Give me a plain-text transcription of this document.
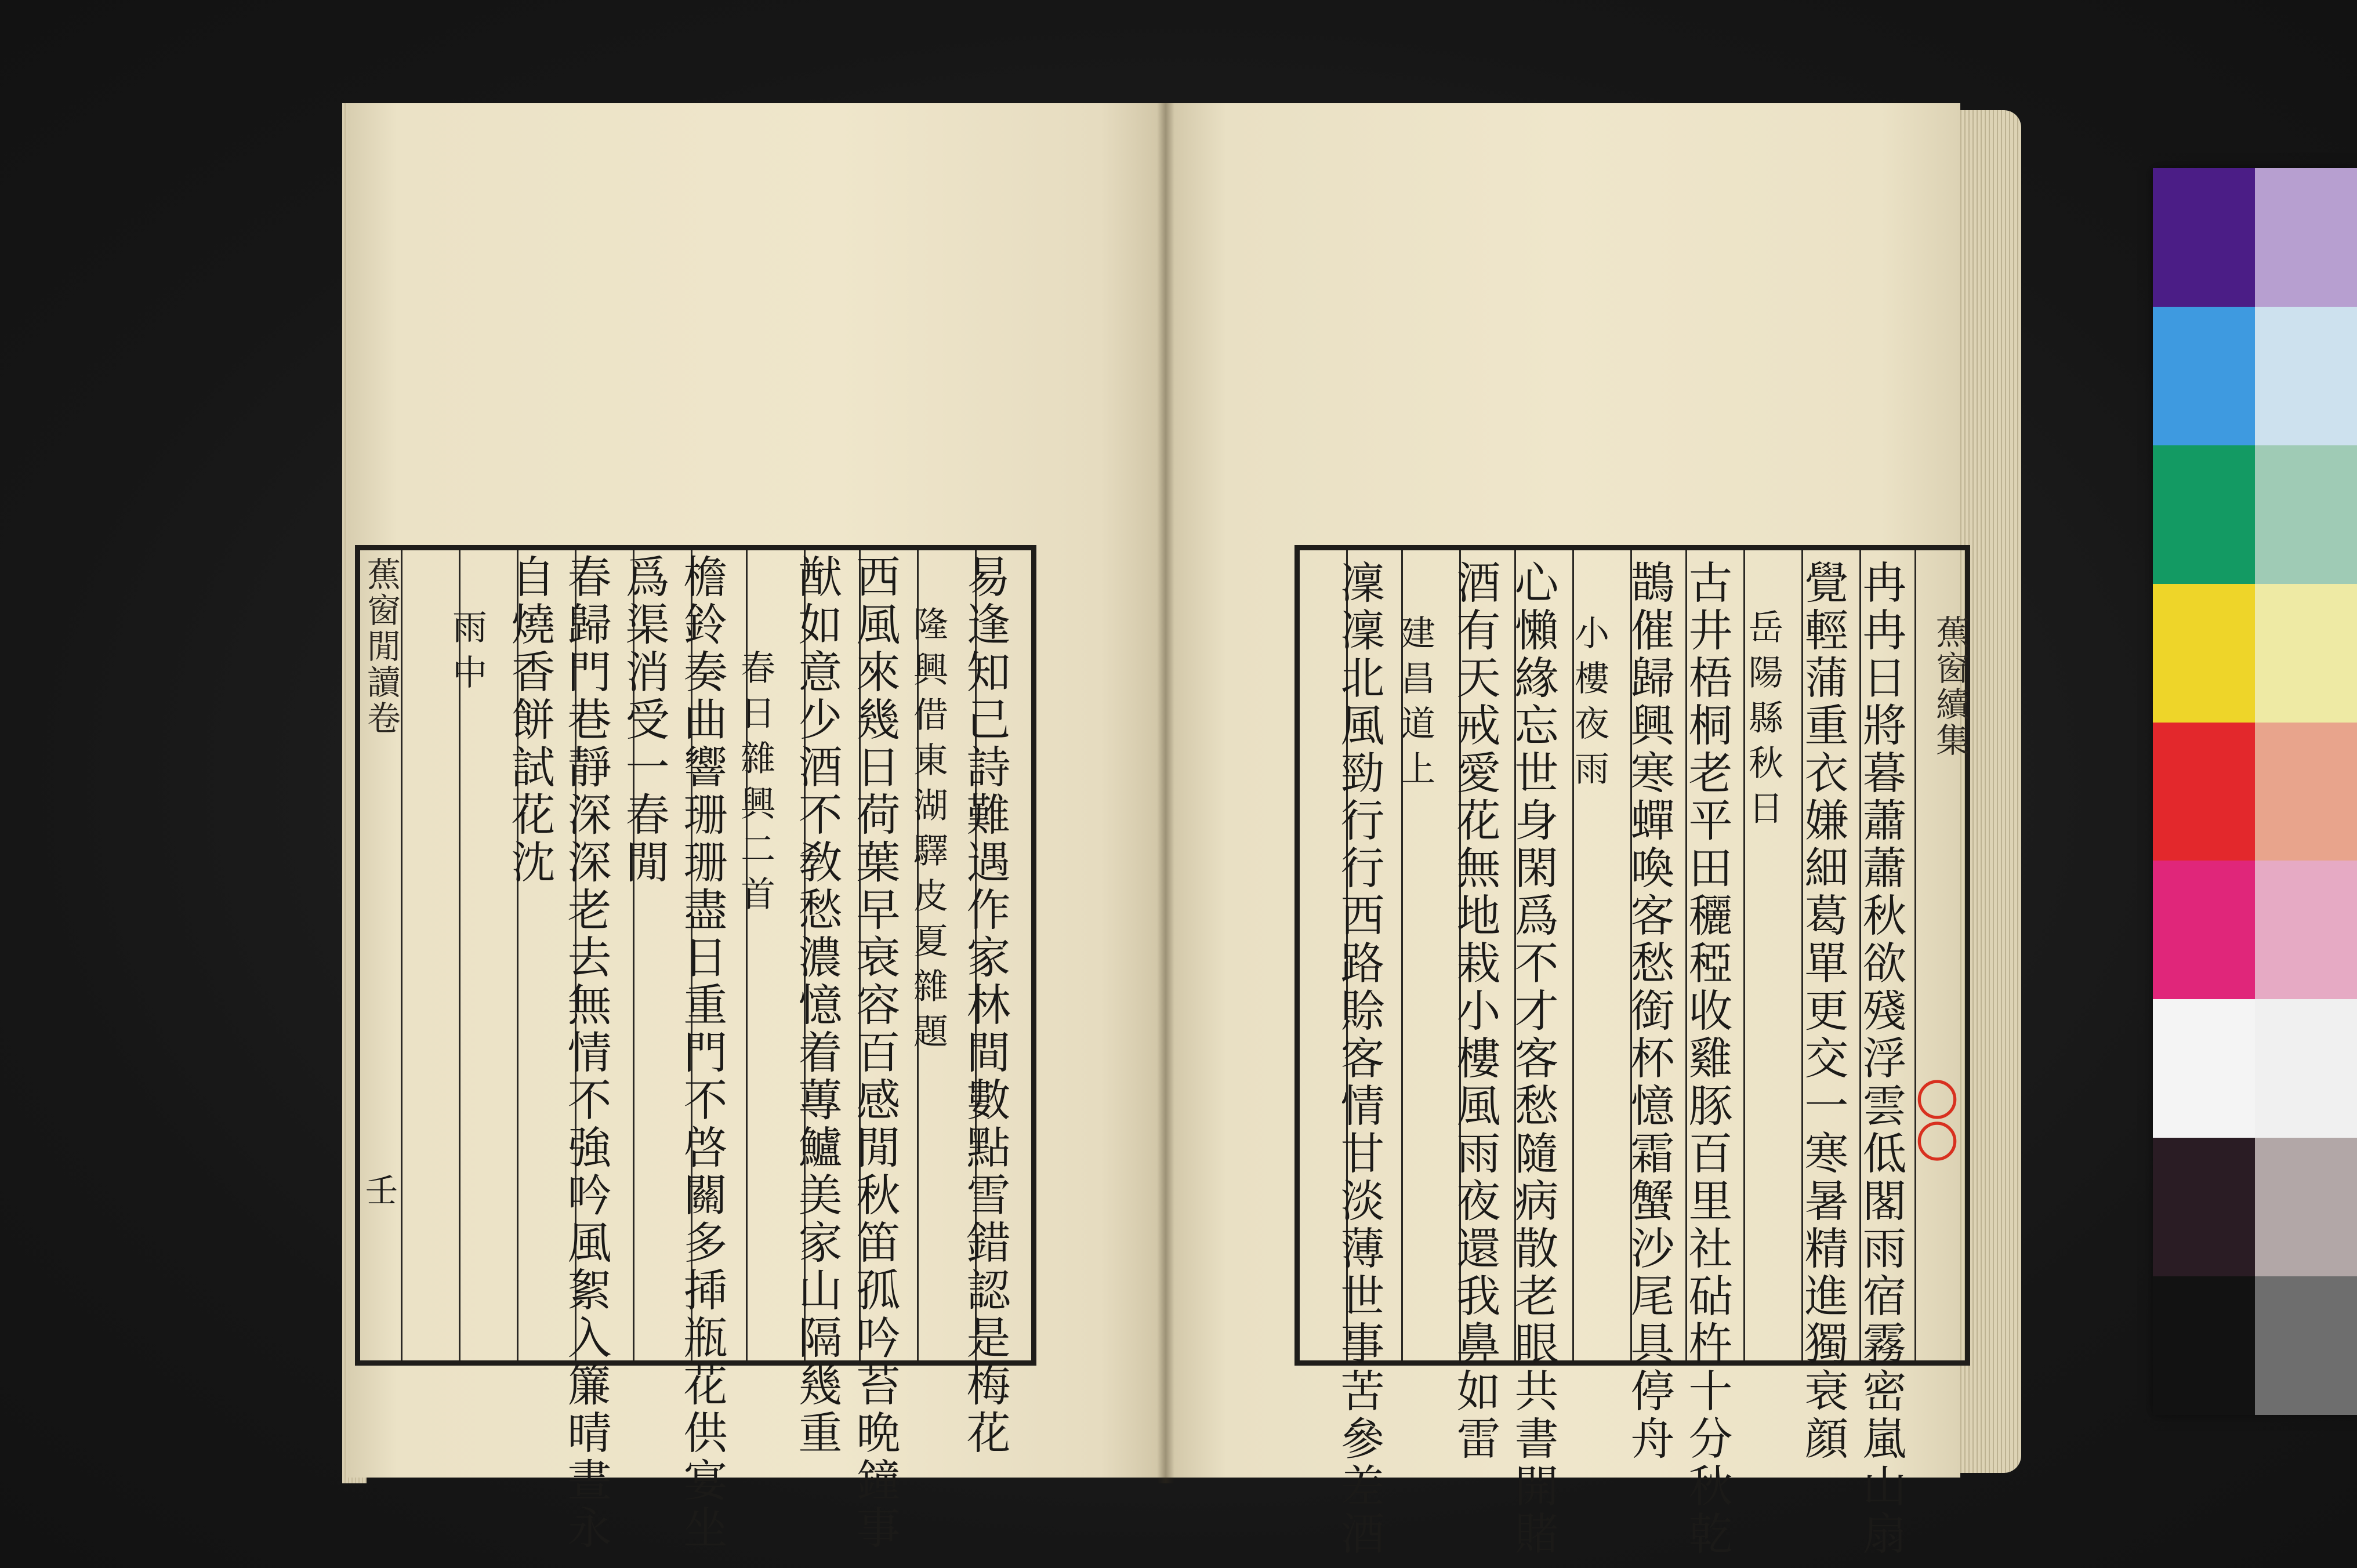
蕉窗閒讀卷
壬	易逢知己詩難遇作家林間數點雪錯認是梅花
隆興借東湖驛皮夏雜題
西風來幾日荷葉早衰容百感閒秋笛孤吟苔晩鐘事
猷如意少酒不敎愁濃憶着蓴鱸美家山隔幾重
春日雜興二首
檐鈴奏曲響珊珊盡日重門不啓關多揷瓶花供宴坐
爲渠消受一春閒
春歸門巷靜深深老去無情不強吟風絮入簾晴晝永
自燒香餅試花沈
雨中	蕉窗續集
冉冉日將暮蕭蕭秋欲殘浮雲低閣雨宿霧密嵐山扇
覺輕蒲重衣嫌細葛單更交一寒暑精進獨衰顔
岳陽縣秋日
古井梧桐老平田穲稏收雞豚百里社砧杵十分秋乾
鵲催歸興寒蟬喚客愁銜杯憶霜蟹沙尾具停舟
小樓夜雨
心懶緣忘世身閑爲不才客愁隨病散老眼共書開賭
酒有天戒愛花無地栽小樓風雨夜還我鼻如雷
建昌道上
凜凜北風勁行行西路賒客情甘淡薄世事苦參差酒	〇〇
